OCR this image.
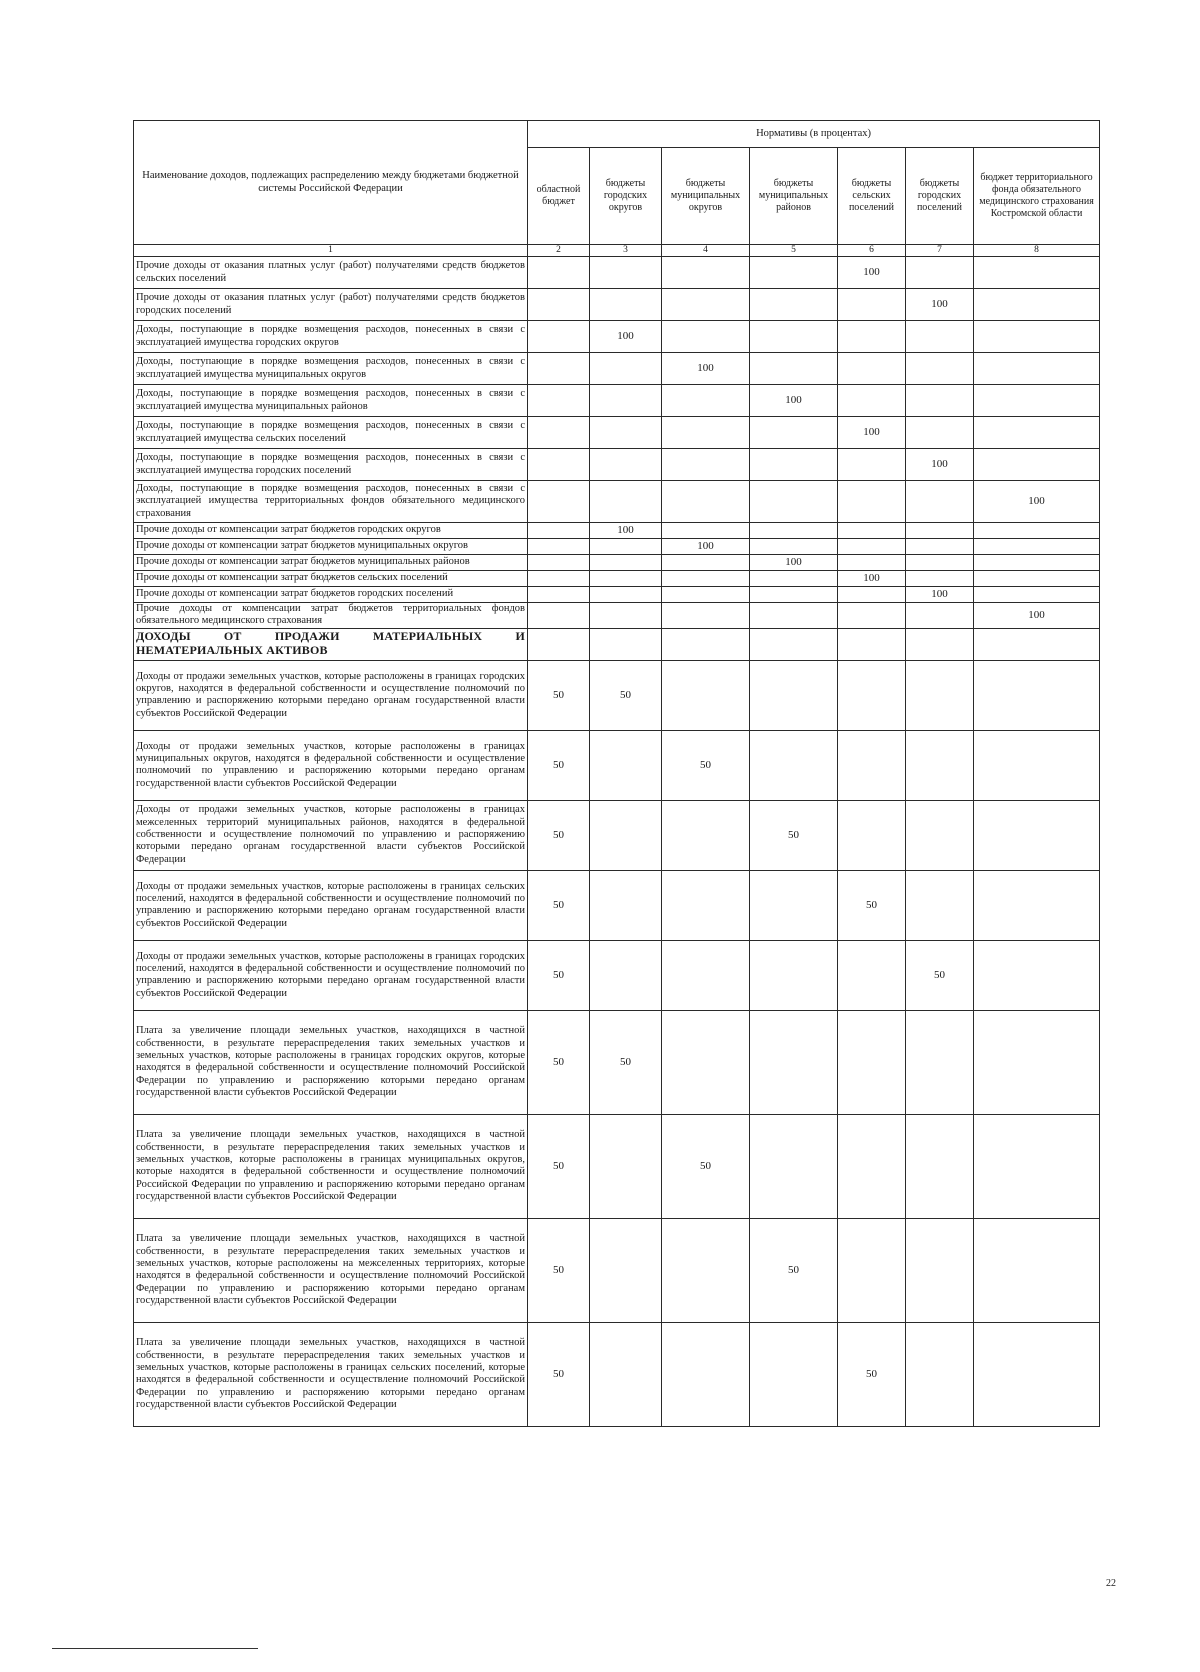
Наименование доходов, подлежащих распределению между бюджетами бюджетной системы Российской Федерации	Нормативы (в процентах)						
	областной бюджет	бюджеты городских округов	бюджеты муниципальных округов	бюджеты муниципальных районов	бюджеты сельских поселений	бюджеты городских поселений	бюджет территориального фонда обязательного медицинского страхования Костромской области
1	2	3	4	5	6	7	8
Прочие доходы от оказания платных услуг (работ) получателями средств бюджетов сельских поселений					100		
Прочие доходы от оказания платных услуг (работ) получателями средств бюджетов городских поселений						100	
Доходы, поступающие в порядке возмещения расходов, понесенных в связи с эксплуатацией имущества городских округов		100					
Доходы, поступающие в порядке возмещения расходов, понесенных в связи с эксплуатацией имущества муниципальных округов			100				
Доходы, поступающие в порядке возмещения расходов, понесенных в связи с эксплуатацией имущества муниципальных районов				100			
Доходы, поступающие в порядке возмещения расходов, понесенных в связи с эксплуатацией имущества сельских поселений					100		
Доходы, поступающие в порядке возмещения расходов, понесенных в связи с эксплуатацией имущества городских поселений						100	
Доходы, поступающие в порядке возмещения расходов, понесенных в связи с эксплуатацией имущества территориальных фондов обязательного медицинского страхования							100
Прочие доходы от компенсации затрат бюджетов городских округов		100					
Прочие доходы от компенсации затрат бюджетов муниципальных округов			100				
Прочие доходы от компенсации затрат бюджетов муниципальных районов				100			
Прочие доходы от компенсации затрат бюджетов сельских поселений					100		
Прочие доходы от компенсации затрат бюджетов городских поселений						100	
Прочие доходы от компенсации затрат бюджетов территориальных фондов обязательного медицинского страхования							100
ДОХОДЫ ОТ ПРОДАЖИ МАТЕРИАЛЬНЫХ И НЕМАТЕРИАЛЬНЫХ АКТИВОВ							
Доходы от продажи земельных участков, которые расположены в границах городских округов, находятся в федеральной собственности и осуществление полномочий по управлению и распоряжению которыми передано органам государственной власти субъектов Российской Федерации	50	50					
Доходы от продажи земельных участков, которые расположены в границах муниципальных округов, находятся в федеральной собственности и осуществление полномочий по управлению и распоряжению которыми передано органам государственной власти субъектов Российской Федерации	50		50				
Доходы от продажи земельных участков, которые расположены в границах межселенных территорий муниципальных районов, находятся в федеральной собственности и осуществление полномочий по управлению и распоряжению которыми передано органам государственной власти субъектов Российской Федерации	50			50			
Доходы от продажи земельных участков, которые расположены в границах сельских поселений, находятся в федеральной собственности и осуществление полномочий по управлению и распоряжению которыми передано органам государственной власти субъектов Российской Федерации	50				50		
Доходы от продажи земельных участков, которые расположены в границах городских поселений, находятся в федеральной собственности и осуществление полномочий по управлению и распоряжению которыми передано органам государственной власти субъектов Российской Федерации	50					50	
Плата за увеличение площади земельных участков, находящихся в частной собственности, в результате перераспределения таких земельных участков и земельных участков, которые расположены в границах городских округов, которые находятся в федеральной собственности и осуществление полномочий Российской Федерации по управлению и распоряжению которыми передано органам государственной власти субъектов Российской Федерации	50	50					
Плата за увеличение площади земельных участков, находящихся в частной собственности, в результате перераспределения таких земельных участков и земельных участков, которые расположены в границах муниципальных округов, которые находятся в федеральной собственности и осуществление полномочий Российской Федерации по управлению и распоряжению которыми передано органам государственной власти субъектов Российской Федерации	50		50				
Плата за увеличение площади земельных участков, находящихся в частной собственности, в результате перераспределения таких земельных участков и земельных участков, которые расположены на межселенных территориях, которые находятся в федеральной собственности и осуществление полномочий Российской Федерации по управлению и распоряжению которыми передано органам государственной власти субъектов Российской Федерации	50			50			
Плата за увеличение площади земельных участков, находящихся в частной собственности, в результате перераспределения таких земельных участков и земельных участков, которые расположены в границах сельских поселений, которые находятся в федеральной собственности и осуществление полномочий Российской Федерации по управлению и распоряжению которыми передано органам государственной власти субъектов Российской Федерации	50				50		
22
